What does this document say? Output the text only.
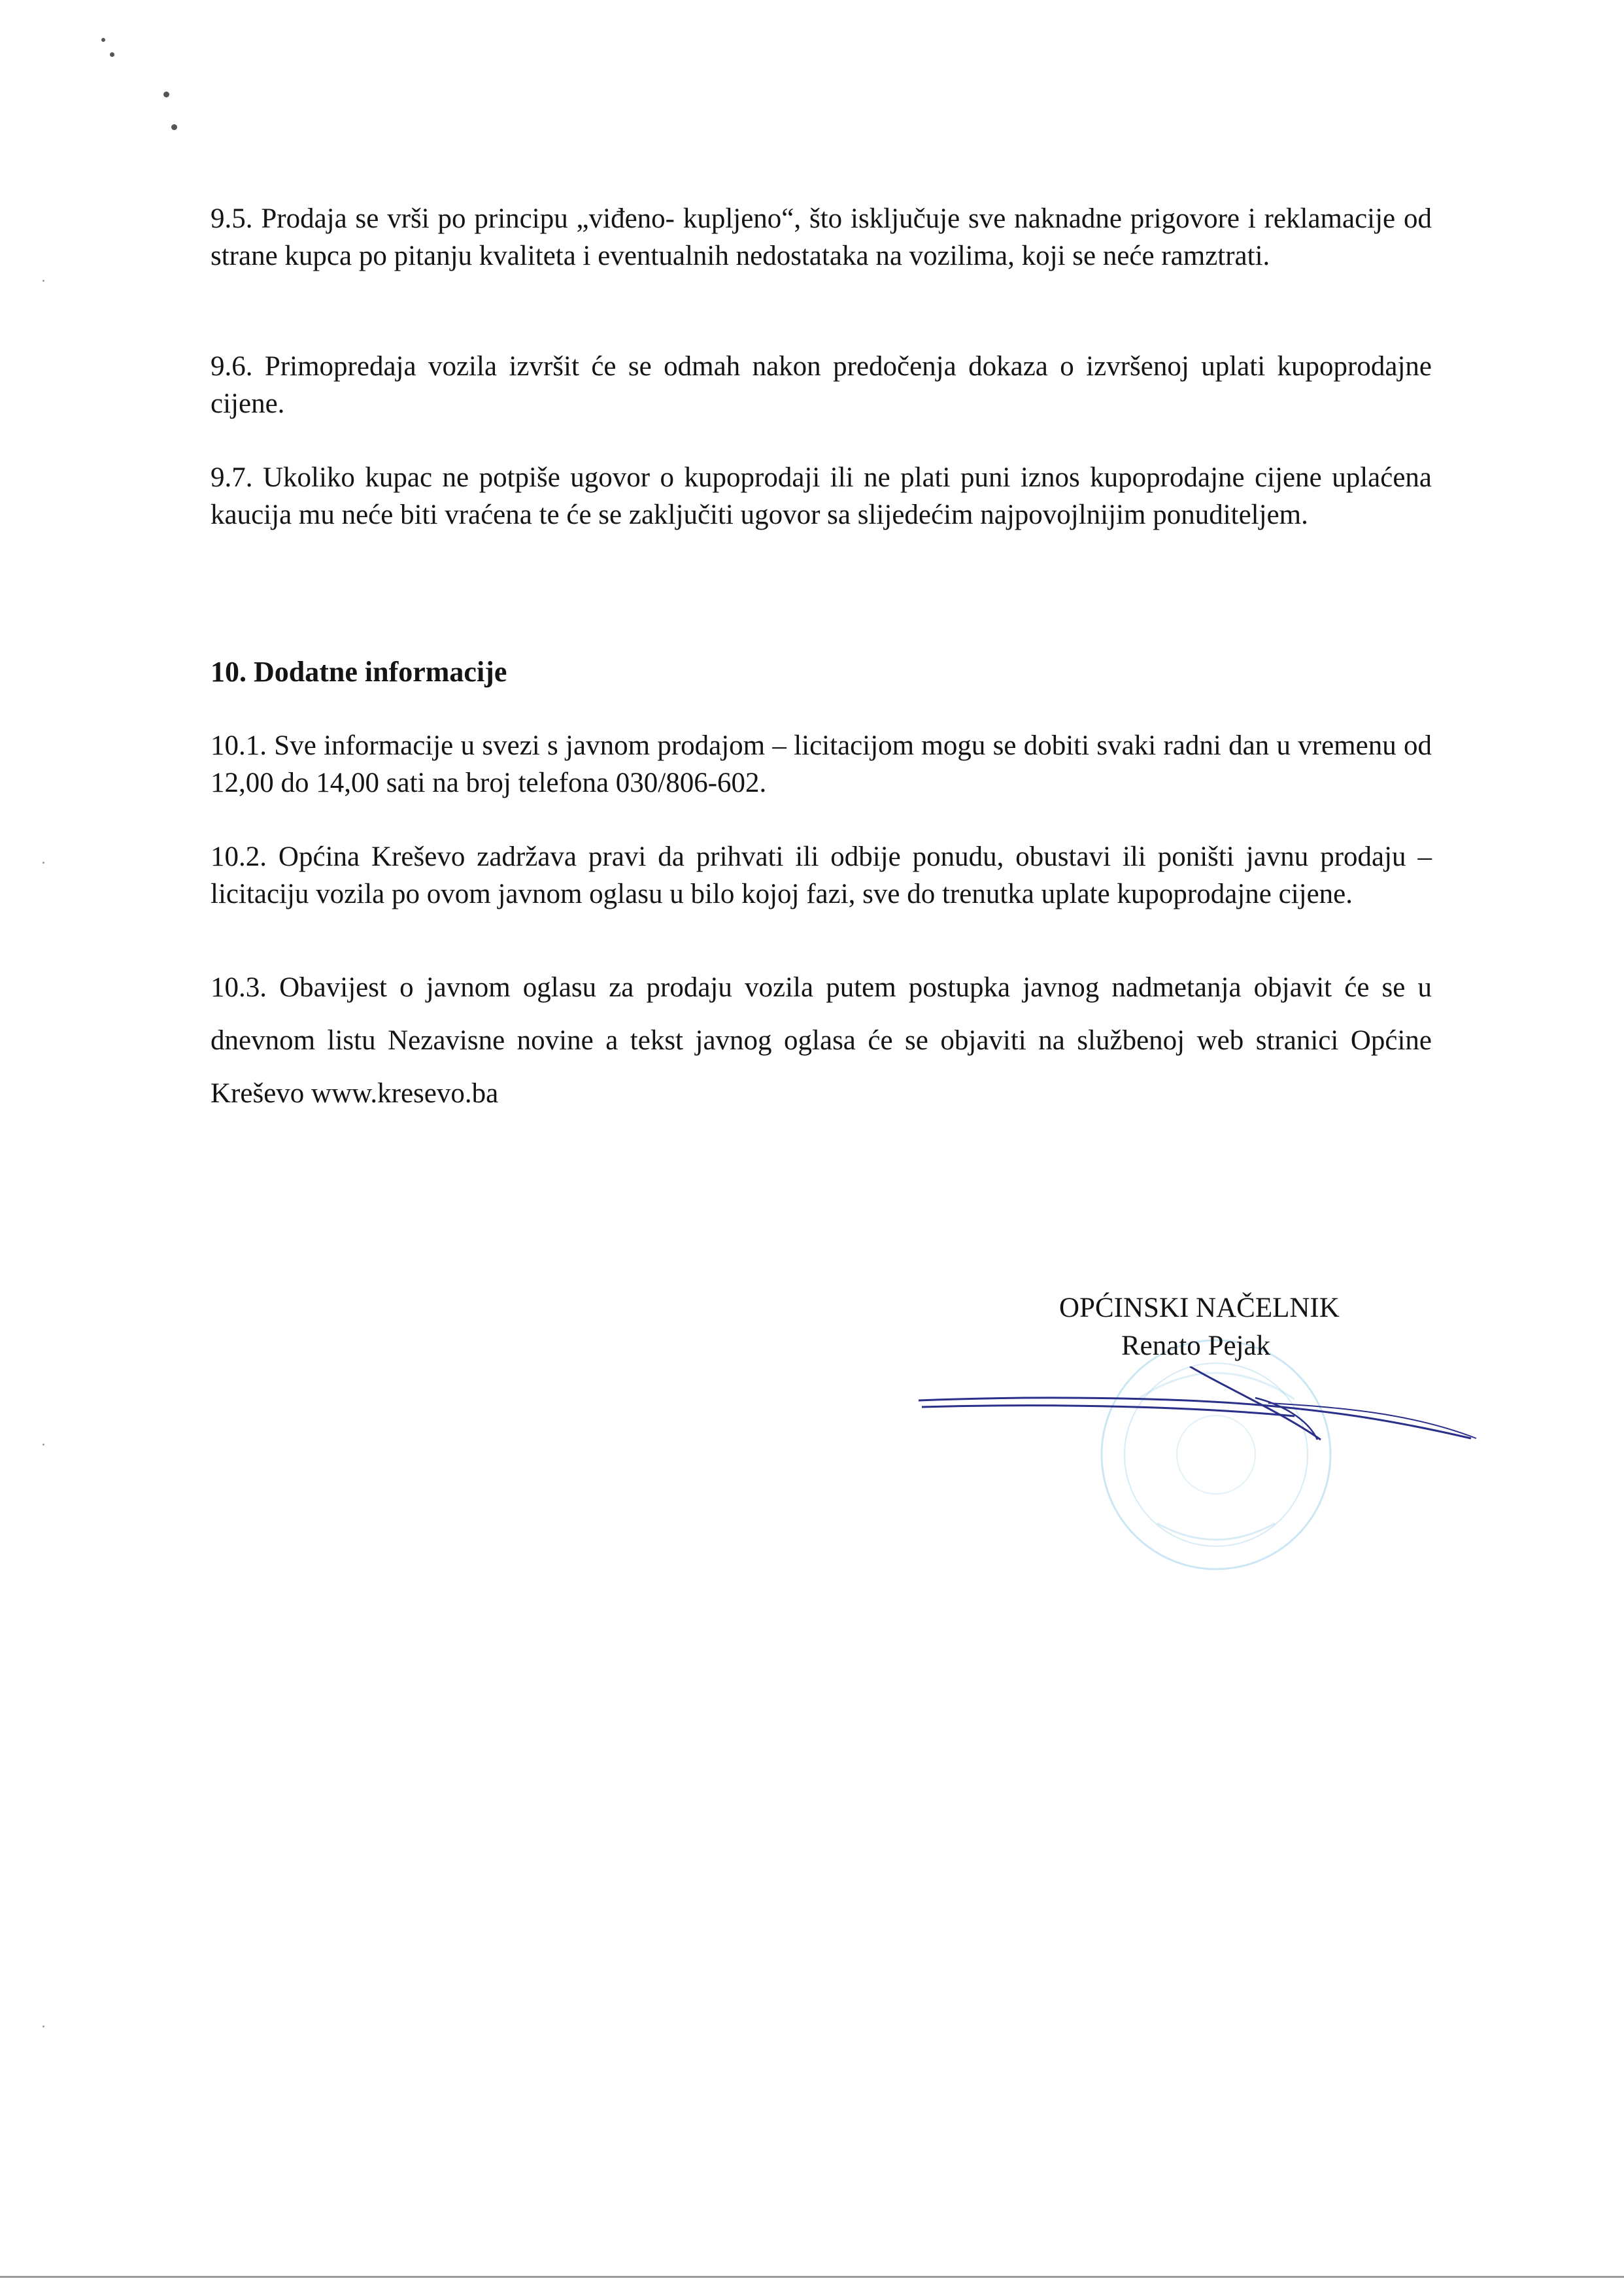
9.5. Prodaja se vrši po principu „viđeno- kupljeno“, što isključuje sve naknadne prigovore i reklamacije od strane kupca po pitanju kvaliteta i eventualnih nedostataka na vozilima, koji se neće ramztrati.

9.6. Primopredaja vozila izvršit će se odmah nakon predočenja dokaza o izvršenoj uplati kupoprodajne cijene.

9.7. Ukoliko kupac ne potpiše ugovor o kupoprodaji ili ne plati puni iznos kupoprodajne cijene uplaćena kaucija mu neće biti vraćena te će se zaključiti ugovor sa slijedećim najpovojlnijim ponuditeljem.

10. Dodatne informacije

10.1. Sve informacije u svezi s javnom prodajom – licitacijom mogu se dobiti svaki radni dan u vremenu od 12,00 do 14,00 sati na broj telefona 030/806-602.

10.2. Općina Kreševo zadržava pravi da prihvati ili odbije ponudu, obustavi ili poništi javnu prodaju – licitaciju vozila po ovom javnom oglasu u bilo kojoj fazi, sve do trenutka uplate kupoprodajne cijene.

10.3. Obavijest o javnom oglasu za prodaju vozila putem postupka javnog nadmetanja objavit će se u dnevnom listu Nezavisne novine a tekst javnog oglasa će se objaviti na službenoj web stranici Općine Kreševo www.kresevo.ba

OPĆINSKI NAČELNIK
Renato Pejak
